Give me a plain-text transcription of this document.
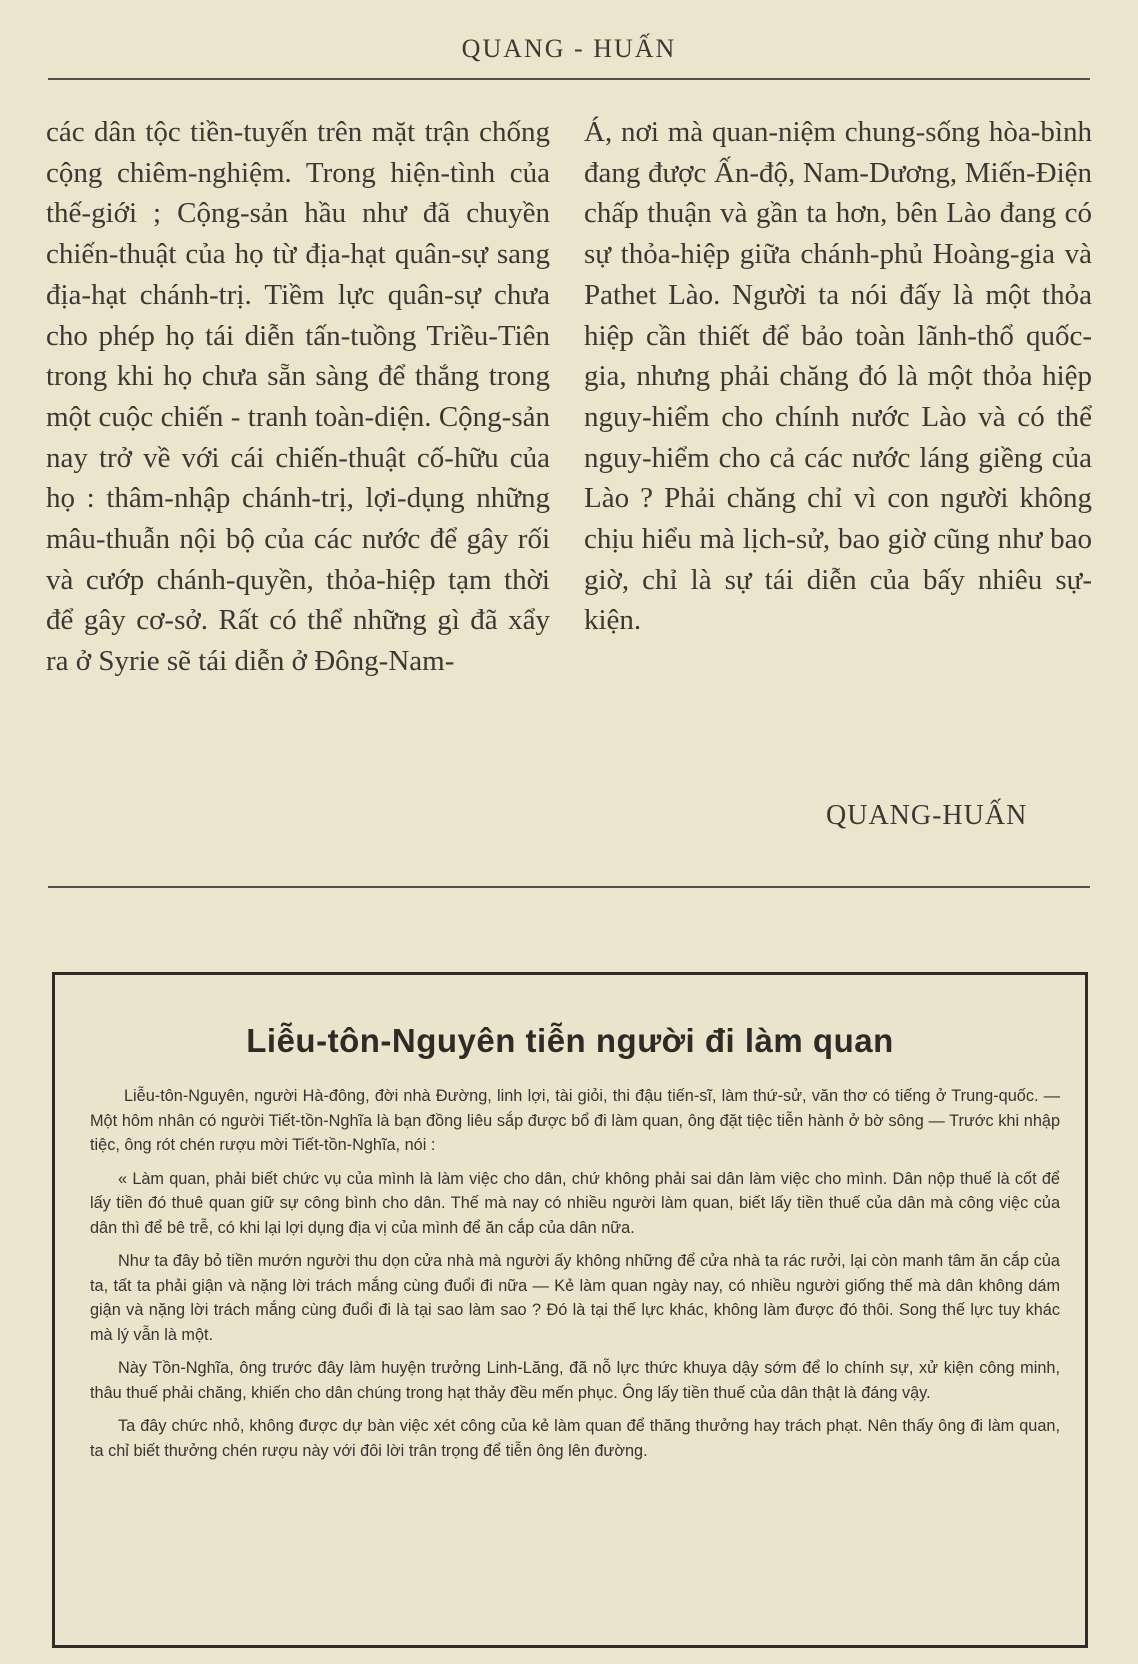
QUANG - HUẤN

các dân tộc tiền-tuyến trên mặt trận chống cộng chiêm-nghiệm. Trong hiện-tình của thế-giới ; Cộng-sản hầu như đã chuyền chiến-thuật của họ từ địa-hạt quân-sự sang địa-hạt chánh-trị. Tiềm lực quân-sự chưa cho phép họ tái diễn tấn-tuồng Triều-Tiên trong khi họ chưa sẵn sàng để thắng trong một cuộc chiến - tranh toàn-diện. Cộng-sản nay trở về với cái chiến-thuật cố-hữu của họ : thâm-nhập chánh-trị, lợi-dụng những mâu-thuẫn nội bộ của các nước để gây rối và cướp chánh-quyền, thỏa-hiệp tạm thời để gây cơ-sở. Rất có thể những gì đã xẩy ra ở Syrie sẽ tái diễn ở Đông-Nam-

Á, nơi mà quan-niệm chung-sống hòa-bình đang được Ấn-độ, Nam-Dương, Miến-Điện chấp thuận và gần ta hơn, bên Lào đang có sự thỏa-hiệp giữa chánh-phủ Hoàng-gia và Pathet Lào. Người ta nói đấy là một thỏa hiệp cần thiết để bảo toàn lãnh-thổ quốc-gia, nhưng phải chăng đó là một thỏa hiệp nguy-hiểm cho chính nước Lào và có thể nguy-hiểm cho cả các nước láng giềng của Lào ? Phải chăng chỉ vì con người không chịu hiểu mà lịch-sử, bao giờ cũng như bao giờ, chỉ là sự tái diễn của bấy nhiêu sự-kiện.

QUANG-HUẤN
Liễu-tôn-Nguyên tiễn người đi làm quan

Liễu-tôn-Nguyên, người Hà-đông, đời nhà Đường, linh lợi, tài giỏi, thi đậu tiến-sĩ, làm thứ-sử, văn thơ có tiếng ở Trung-quốc. — Một hôm nhân có người Tiết-tồn-Nghĩa là bạn đồng liêu sắp được bổ đi làm quan, ông đặt tiệc tiễn hành ở bờ sông — Trước khi nhập tiệc, ông rót chén rượu mời Tiết-tồn-Nghĩa, nói :

« Làm quan, phải biết chức vụ của mình là làm việc cho dân, chứ không phải sai dân làm việc cho mình. Dân nộp thuế là cốt để lấy tiền đó thuê quan giữ sự công bình cho dân. Thế mà nay có nhiều người làm quan, biết lấy tiền thuế của dân mà công việc của dân thì để bê trễ, có khi lại lợi dụng địa vị của mình để ăn cắp của dân nữa.

Như ta đây bỏ tiền mướn người thu dọn cửa nhà mà người ấy không những để cửa nhà ta rác rưởi, lại còn manh tâm ăn cắp của ta, tất ta phải giận và nặng lời trách mắng cùng đuổi đi nữa — Kẻ làm quan ngày nay, có nhiều người giống thế mà dân không dám giận và nặng lời trách mắng cùng đuổi đi là tại sao làm sao ? Đó là tại thế lực khác, không làm được đó thôi. Song thế lực tuy khác mà lý vẫn là một.

Này Tồn-Nghĩa, ông trước đây làm huyện trưởng Linh-Lăng, đã nỗ lực thức khuya dậy sớm để lo chính sự, xử kiện công minh, thâu thuế phải chăng, khiến cho dân chúng trong hạt thảy đều mến phục. Ông lấy tiền thuế của dân thật là đáng vậy.

Ta đây chức nhỏ, không được dự bàn việc xét công của kẻ làm quan để thăng thưởng hay trách phạt. Nên thấy ông đi làm quan, ta chỉ biết thưởng chén rượu này với đôi lời trân trọng để tiễn ông lên đường.
